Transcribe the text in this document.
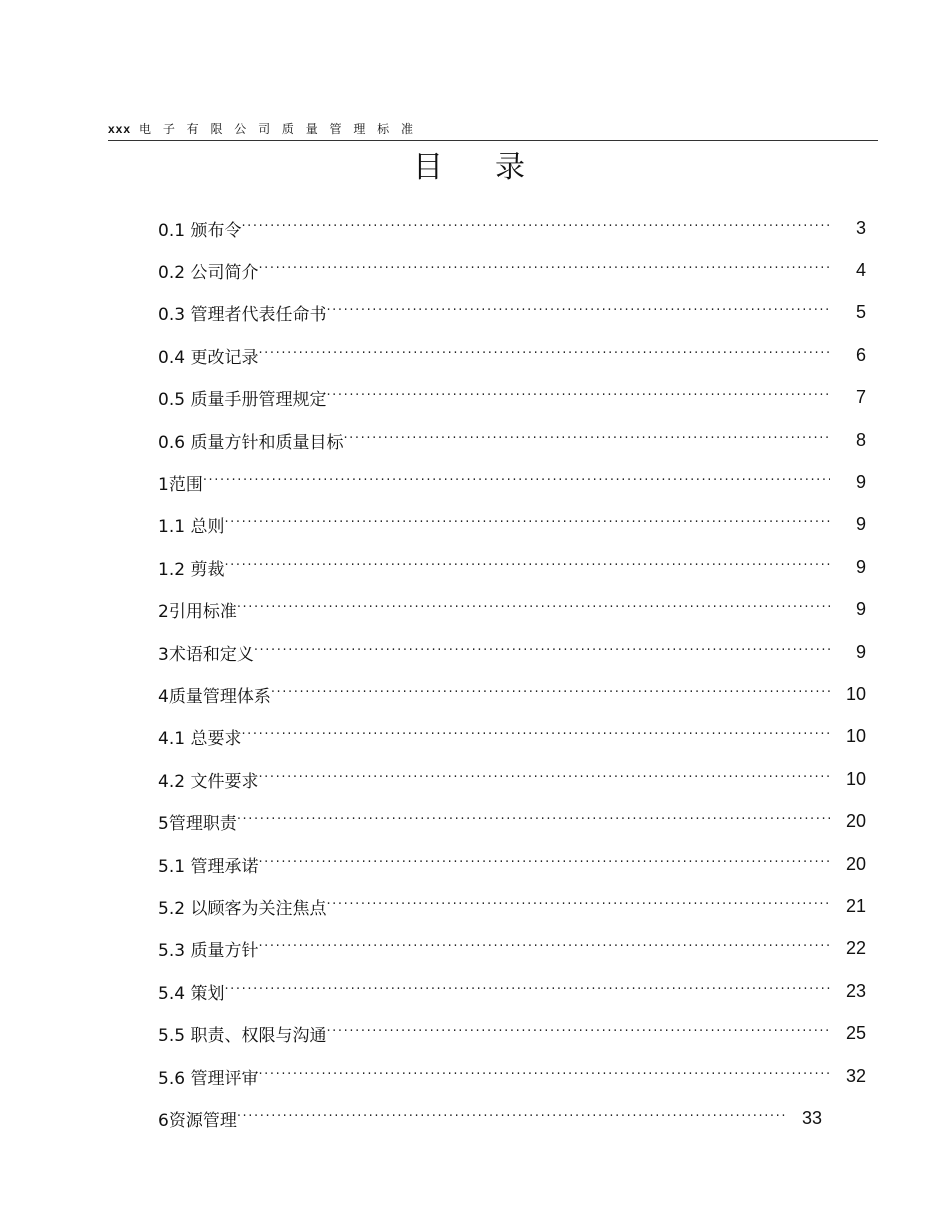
xxx 电 子 有 限 公 司 质 量 管 理 标 准
目录
0.1 颁布令 ·····	3
0.2 公司简介 ·····	4
0.3 管理者代表任命书 ·····	5
0.4 更改记录 ·····	6
0.5 质量手册管理规定 ·····	7
0.6 质量方针和质量目标 ·····	8
1范围 ·····	9
1.1 总则 ·····	9
1.2 剪裁 ·····	9
2引用标准 ·····	9
3术语和定义 ·····	9
4质量管理体系 ·····	10
4.1 总要求 ·····	10
4.2 文件要求 ·····	10
5管理职责 ·····	20
5.1 管理承诺 ·····	20
5.2 以顾客为关注焦点 ·····	21
5.3 质量方针 ·····	22
5.4 策划 ·····	23
5.5 职责、权限与沟通 ·····	25
5.6 管理评审 ·····	32
6资源管理 ·····	33
